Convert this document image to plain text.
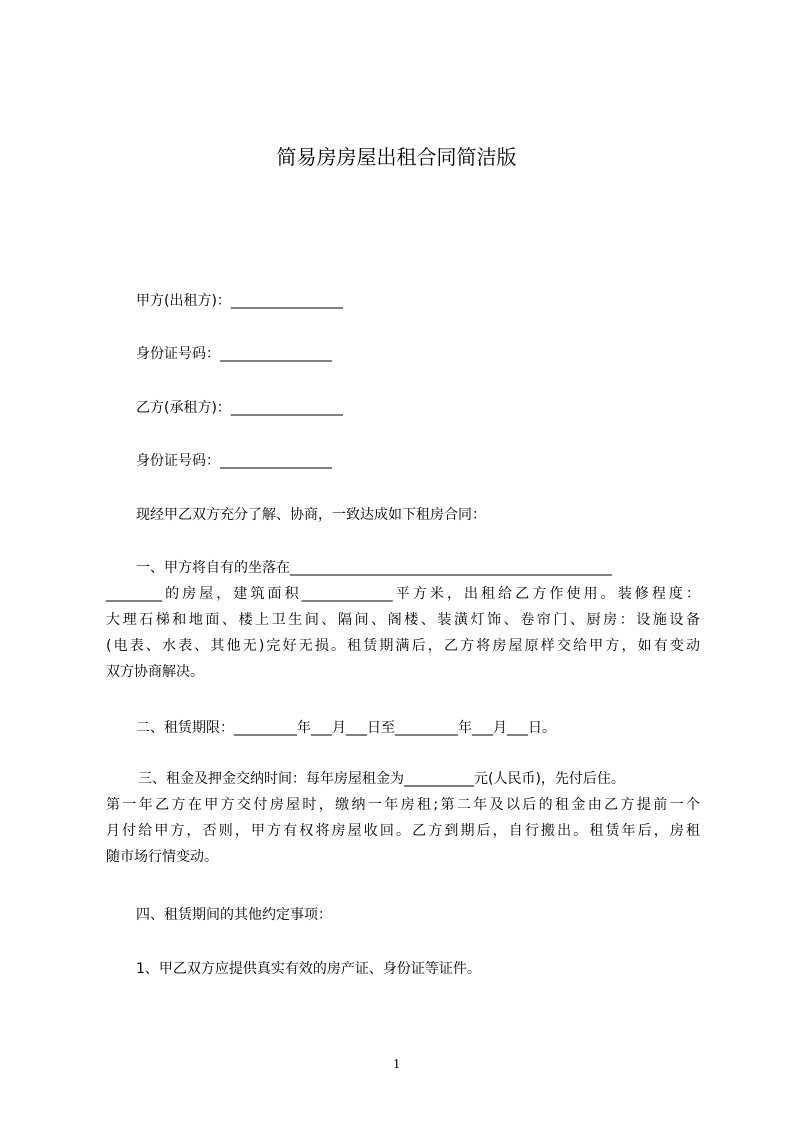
简易房房屋出租合同简洁版
甲方(出租方)：________________
身份证号码：________________
乙方(承租方)：________________
身份证号码：________________
现经甲乙双方充分了解、协商，一致达成如下租房合同：
一、甲方将自有的坐落在______________________________________________
________的房屋，建筑面积_____________平方米，出租给乙方作使用。装修程度：
大理石梯和地面、楼上卫生间、隔间、阁楼、装潢灯饰、卷帘门、厨房：设施设备
(电表、水表、其他无)完好无损。租赁期满后，乙方将房屋原样交给甲方，如有变动
双方协商解决。
二、租赁期限：_________年___月___日至_________年___月___日。
三、租金及押金交纳时间：每年房屋租金为__________元(人民币)，先付后住。
第一年乙方在甲方交付房屋时，缴纳一年房租;第二年及以后的租金由乙方提前一个
月付给甲方，否则，甲方有权将房屋收回。乙方到期后，自行搬出。租赁年后，房租
随市场行情变动。
四、租赁期间的其他约定事项：
1、甲乙双方应提供真实有效的房产证、身份证等证件。
1
